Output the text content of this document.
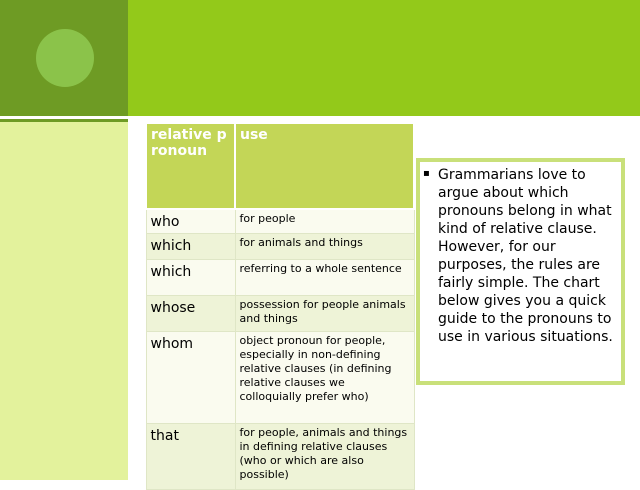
relative pronoun	use
who	for people
which	for animals and things
which	referring to a whole sentence
whose	possession for people animals and things
whom	object pronoun for people, especially in non-defining relative clauses (in defining relative clauses we colloquially prefer who)
that	for people, animals and things in defining relative clauses (who or which are also possible)
▪ Grammarians love to argue about which pronouns belong in what kind of relative clause. However, for our purposes, the rules are fairly simple. The chart below gives you a quick guide to the pronouns to use in various situations.
